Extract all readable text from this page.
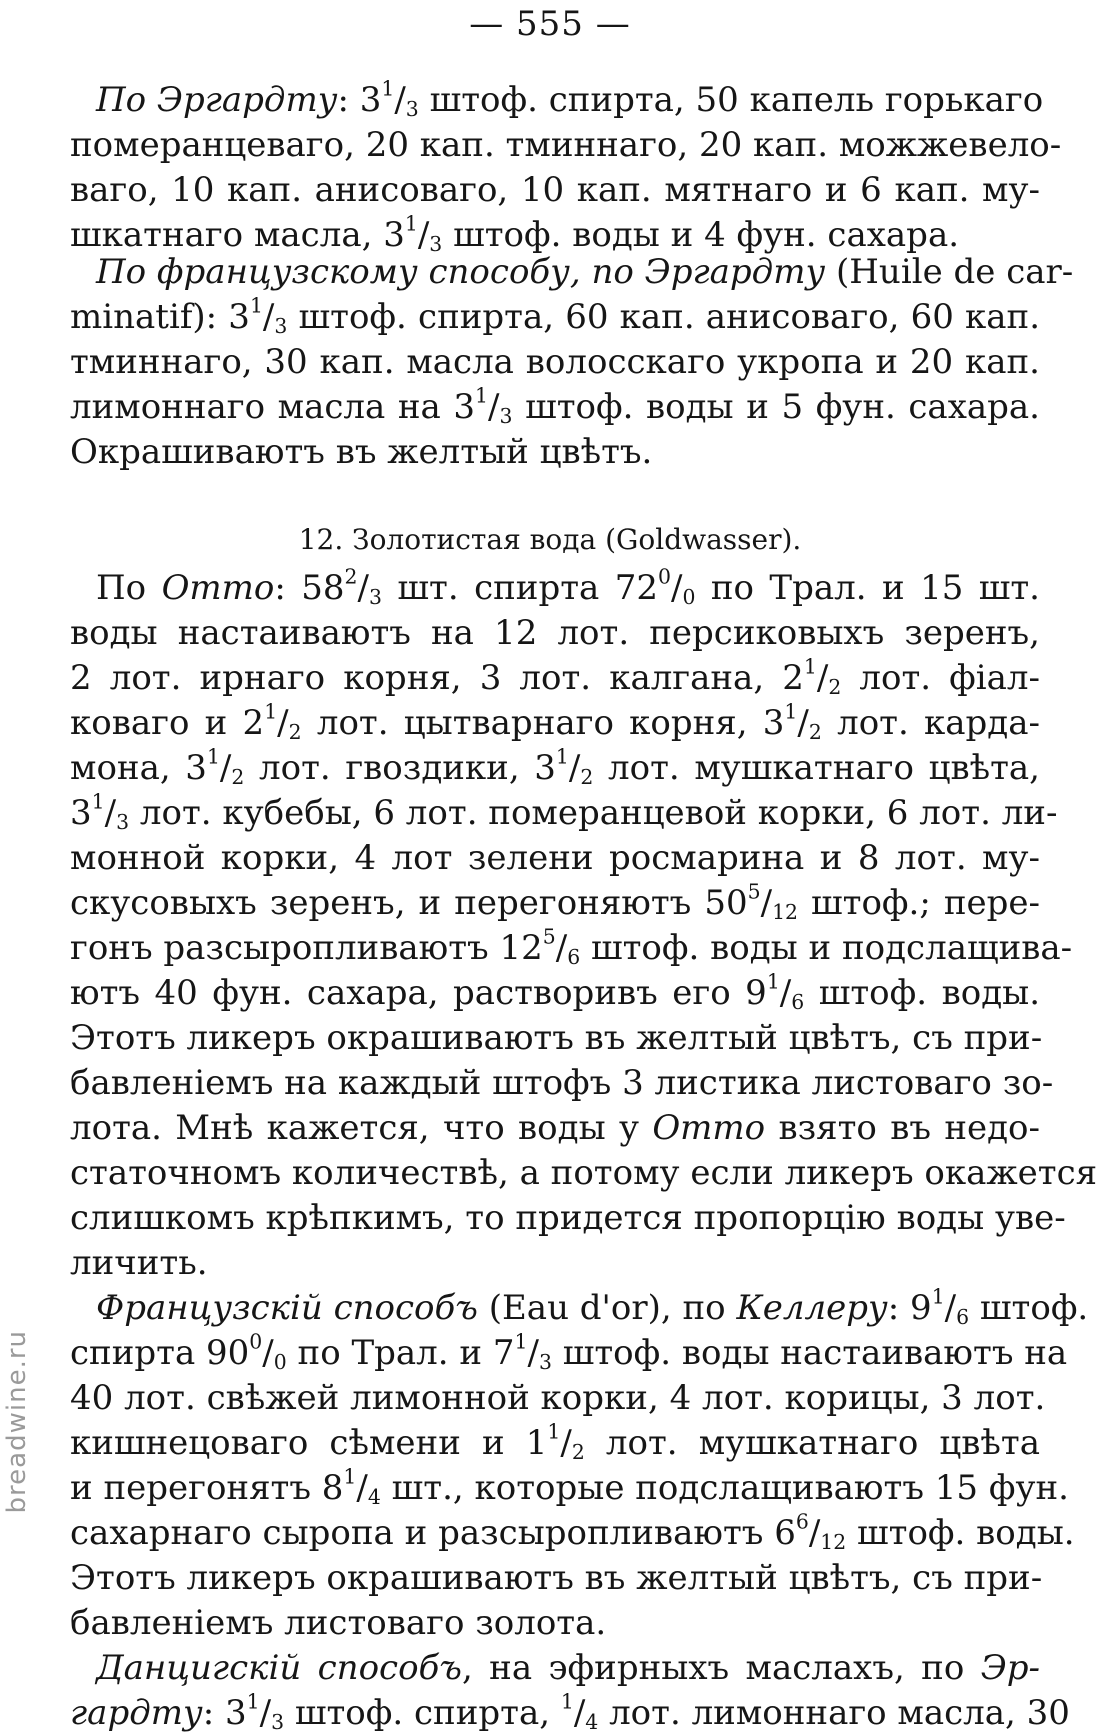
— 555 —
По Эргардту: $3^1/_3$ штоф. спирта, 50 капель горькаго
померанцеваго, 20 кап. тминнаго, 20 кап. можжевело-
ваго, 10 кап. анисоваго, 10 кап. мятнаго и 6 кап. му-
шкатнаго масла, $3^1/_3$ штоф. воды и 4 фун. сахара.
По французскому способу, по Эргардту (Huile de car-
minatif): $3^1/_3$ штоф. спирта, 60 кап. анисоваго, 60 кап.
тминнаго, 30 кап. масла волосскаго укропа и 20 кап.
лимоннаго масла на $3^1/_3$ штоф. воды и 5 фун. сахара.
Окрашиваютъ въ желтый цвѣтъ.
12. Золотистая вода (Goldwasser).
По Отто: $58^2/_3$ шт. спирта $72^0/_0$ по Трал. и 15 шт.
воды настаиваютъ на 12 лот. персиковыхъ зеренъ,
2 лот. ирнаго корня, 3 лот. калгана, $2^1/_2$ лот. фіал-
коваго и $2^1/_2$ лот. цытварнаго корня, $3^1/_2$ лот. карда-
мона, $3^1/_2$ лот. гвоздики, $3^1/_2$ лот. мушкатнаго цвѣта,
$3^1/_3$ лот. кубебы, 6 лот. померанцевой корки, 6 лот. ли-
монной корки, 4 лот зелени росмарина и 8 лот. му-
скусовыхъ зеренъ, и перегоняютъ $50^5/_{12}$ штоф.; пере-
гонъ разсыропливаютъ $12^5/_6$ штоф. воды и подслащива-
ютъ 40 фун. сахара, растворивъ его $9^1/_6$ штоф. воды.
Этотъ ликеръ окрашиваютъ въ желтый цвѣтъ, съ при-
бавленіемъ на каждый штофъ 3 листика листоваго зо-
лота. Мнѣ кажется, что воды у Отто взято въ недо-
статочномъ количествѣ, а потому если ликеръ окажется
слишкомъ крѣпкимъ, то придется пропорцію воды уве-
личить.
Французскій способъ (Eau d'or), по Келлеру: $9^1/_6$ штоф.
спирта $90^0/_0$ по Трал. и $7^1/_3$ штоф. воды настаиваютъ на
40 лот. свѣжей лимонной корки, 4 лот. корицы, 3 лот.
кишнецоваго сѣмени и $1^1/_2$ лот. мушкатнаго цвѣта
и перегонятъ $8^1/_4$ шт., которые подслащиваютъ 15 фун.
сахарнаго сыропа и разсыропливаютъ $6^6/_{12}$ штоф. воды.
Этотъ ликеръ окрашиваютъ въ желтый цвѣтъ, съ при-
бавленіемъ листоваго золота.
Данцигскій способъ, на эфирныхъ маслахъ, по Эр-
гардту: $3^1/_3$ штоф. спирта, $^1/_4$ лот. лимоннаго масла, 30
breadwine.ru
